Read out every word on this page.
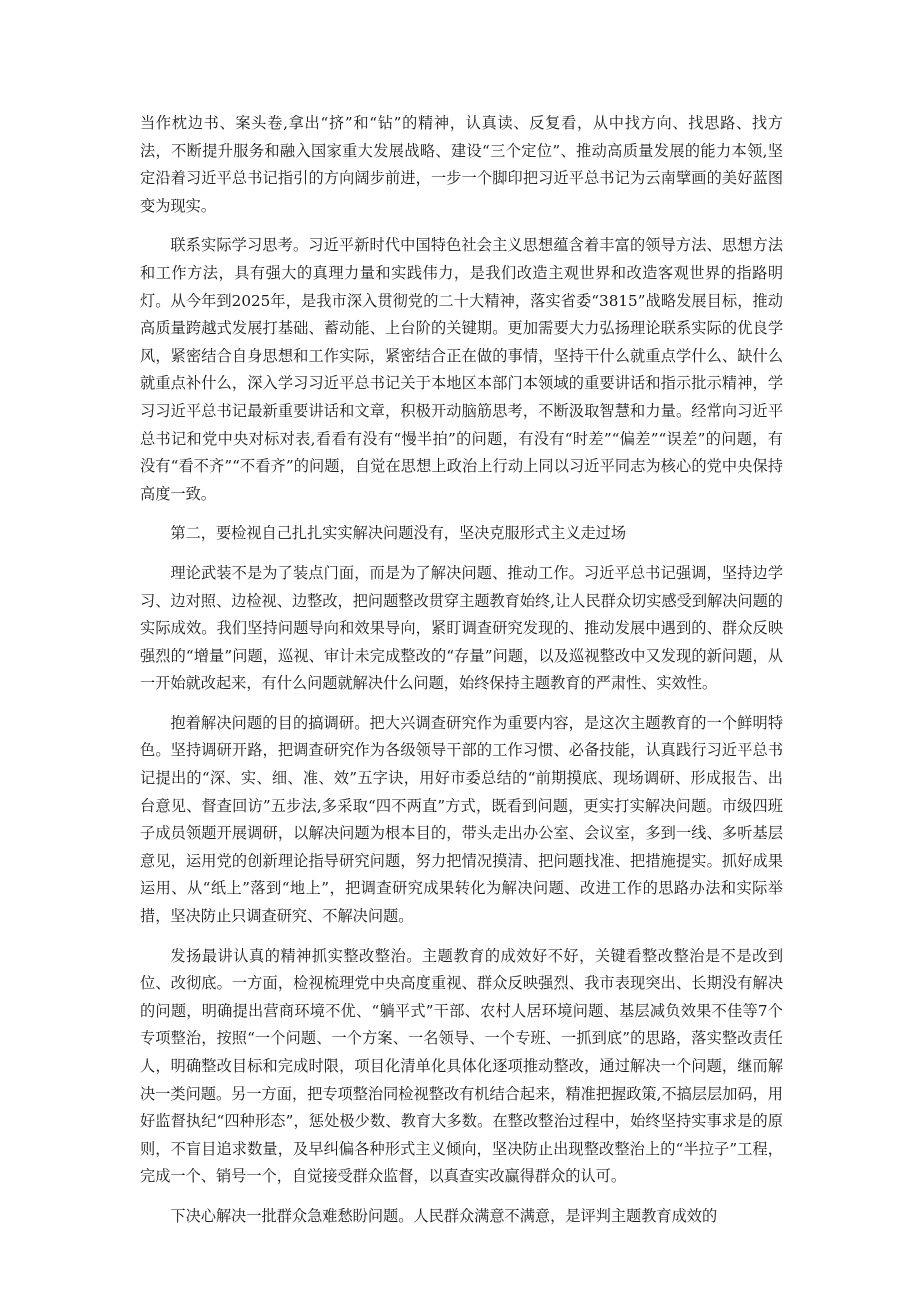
当作枕边书、案头卷,拿出“挤”和“钻”的精神，认真读、反复看，从中找方向、找思路、找方法，不断提升服务和融入国家重大发展战略、建设“三个定位”、推动高质量发展的能力本领,坚定沿着习近平总书记指引的方向阔步前进，一步一个脚印把习近平总书记为云南擘画的美好蓝图变为现实。

联系实际学习思考。习近平新时代中国特色社会主义思想蕴含着丰富的领导方法、思想方法和工作方法，具有强大的真理力量和实践伟力，是我们改造主观世界和改造客观世界的指路明灯。从今年到2025年，是我市深入贯彻党的二十大精神，落实省委“3815”战略发展目标，推动高质量跨越式发展打基础、蓄动能、上台阶的关键期。更加需要大力弘扬理论联系实际的优良学风，紧密结合自身思想和工作实际，紧密结合正在做的事情，坚持干什么就重点学什么、缺什么就重点补什么，深入学习习近平总书记关于本地区本部门本领域的重要讲话和指示批示精神，学习习近平总书记最新重要讲话和文章，积极开动脑筋思考，不断汲取智慧和力量。经常向习近平总书记和党中央对标对表,看看有没有“慢半拍”的问题，有没有“时差”“偏差”“误差”的问题，有没有“看不齐”“不看齐”的问题，自觉在思想上政治上行动上同以习近平同志为核心的党中央保持高度一致。

第二，要检视自己扎扎实实解决问题没有，坚决克服形式主义走过场

理论武装不是为了装点门面，而是为了解决问题、推动工作。习近平总书记强调，坚持边学习、边对照、边检视、边整改，把问题整改贯穿主题教育始终,让人民群众切实感受到解决问题的实际成效。我们坚持问题导向和效果导向，紧盯调查研究发现的、推动发展中遇到的、群众反映强烈的“增量”问题，巡视、审计未完成整改的“存量”问题，以及巡视整改中又发现的新问题，从一开始就改起来，有什么问题就解决什么问题，始终保持主题教育的严肃性、实效性。

抱着解决问题的目的搞调研。把大兴调查研究作为重要内容，是这次主题教育的一个鲜明特色。坚持调研开路，把调查研究作为各级领导干部的工作习惯、必备技能，认真践行习近平总书记提出的“深、实、细、准、效”五字诀，用好市委总结的“前期摸底、现场调研、形成报告、出台意见、督查回访”五步法,多采取“四不两直”方式，既看到问题，更实打实解决问题。市级四班子成员领题开展调研，以解决问题为根本目的，带头走出办公室、会议室，多到一线、多听基层意见，运用党的创新理论指导研究问题，努力把情况摸清、把问题找准、把措施提实。抓好成果运用、从“纸上”落到“地上”，把调查研究成果转化为解决问题、改进工作的思路办法和实际举措，坚决防止只调查研究、不解决问题。

发扬最讲认真的精神抓实整改整治。主题教育的成效好不好，关键看整改整治是不是改到位、改彻底。一方面，检视梳理党中央高度重视、群众反映强烈、我市表现突出、长期没有解决的问题，明确提出营商环境不优、“躺平式”干部、农村人居环境问题、基层减负效果不佳等7个专项整治，按照“一个问题、一个方案、一名领导、一个专班、一抓到底”的思路，落实整改责任人，明确整改目标和完成时限，项目化清单化具体化逐项推动整改，通过解决一个问题，继而解决一类问题。另一方面，把专项整治同检视整改有机结合起来，精准把握政策,不搞层层加码，用好监督执纪“四种形态”，惩处极少数、教育大多数。在整改整治过程中，始终坚持实事求是的原则，不盲目追求数量，及早纠偏各种形式主义倾向，坚决防止出现整改整治上的“半拉子”工程，完成一个、销号一个，自觉接受群众监督，以真查实改赢得群众的认可。

下决心解决一批群众急难愁盼问题。人民群众满意不满意，是评判主题教育成效的
